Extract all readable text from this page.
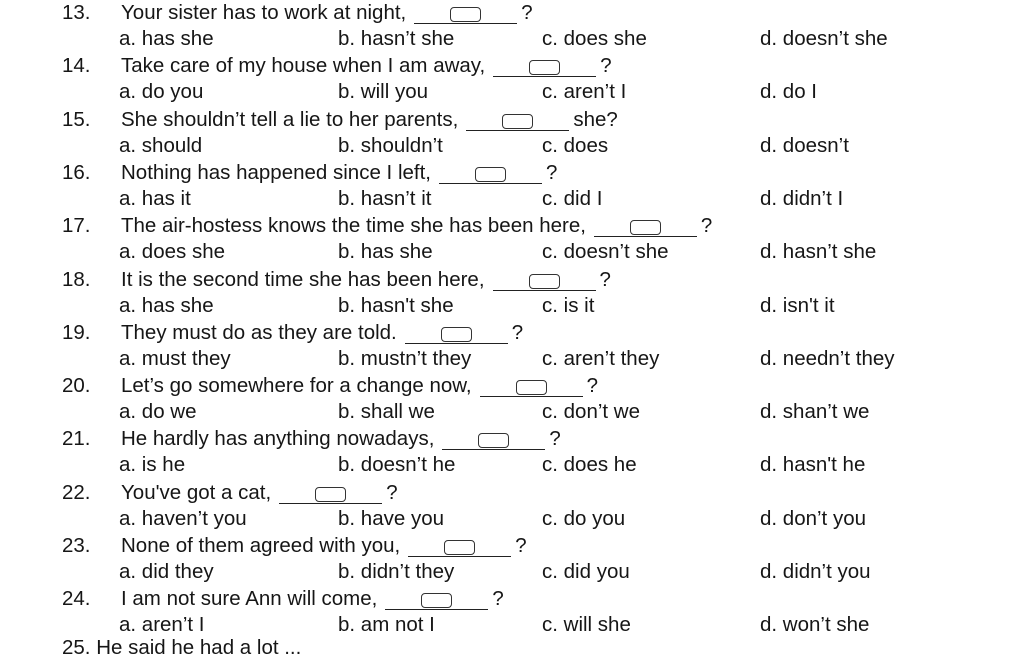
13. Your sister has to work at night,	?
a. has she	b. hasn’t she	c. does she	d. doesn’t she
14. Take care of my house when I am away,	?
a. do you	b. will you	c. aren’t I	d. do I
15. She shouldn’t tell a lie to her parents,	she?
a. should	b. shouldn’t	c. does	d. doesn’t
16. Nothing has happened since I left,	?
a. has it	b. hasn’t it	c. did I	d. didn’t I
17. The air-hostess knows the time she has been here,	?
a. does she	b. has she	c. doesn’t she	d. hasn’t she
18. It is the second time she has been here,	?
a. has she	b. hasn't she	c. is it	d. isn't it
19. They must do as they are told.	?
a. must they	b. mustn’t they	c. aren’t they	d. needn’t they
20. Let’s go somewhere for a change now,	?
a. do we	b. shall we	c. don’t we	d. shan’t we
21. He hardly has anything nowadays,	?
a. is he	b. doesn’t he	c. does he	d. hasn't he
22. You've got a cat,	?
a. haven’t you	b. have you	c. do you	d. don’t you
23. None of them agreed with you,	?
a. did they	b. didn’t they	c. did you	d. didn’t you
24. I am not sure Ann will come,	?
a. aren’t I	b. am not I	c. will she	d. won’t she
25. He said he had a lot ...
